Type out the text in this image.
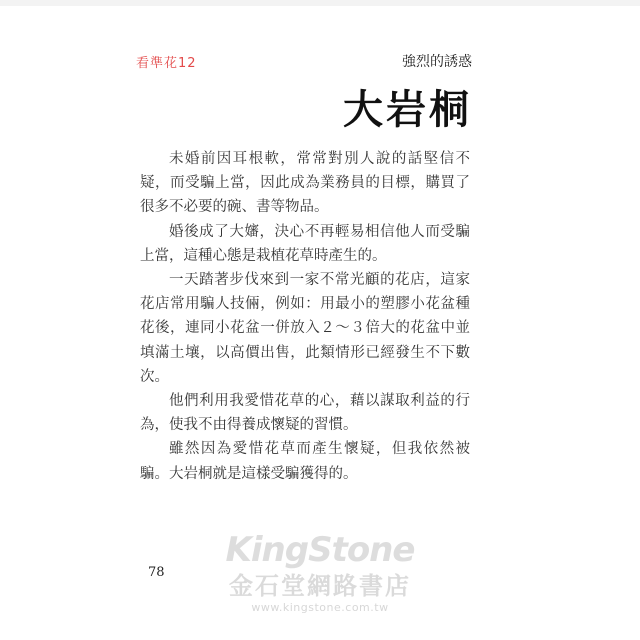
看準花12	強烈的誘惑
大岩桐

未婚前因耳根軟，常常對別人說的話堅信不疑，而受騙上當，因此成為業務員的目標，購買了很多不必要的碗、書等物品。

婚後成了大嬸，決心不再輕易相信他人而受騙上當，這種心態是栽植花草時產生的。

一天踏著步伐來到一家不常光顧的花店，這家花店常用騙人技倆，例如：用最小的塑膠小花盆種花後，連同小花盆一併放入２～３倍大的花盆中並填滿土壤，以高價出售，此類情形已經發生不下數次。

他們利用我愛惜花草的心，藉以謀取利益的行為，使我不由得養成懷疑的習慣。

雖然因為愛惜花草而產生懷疑，但我依然被騙。大岩桐就是這樣受騙獲得的。

78
KingStone
金石堂網路書店
www.kingstone.com.tw
